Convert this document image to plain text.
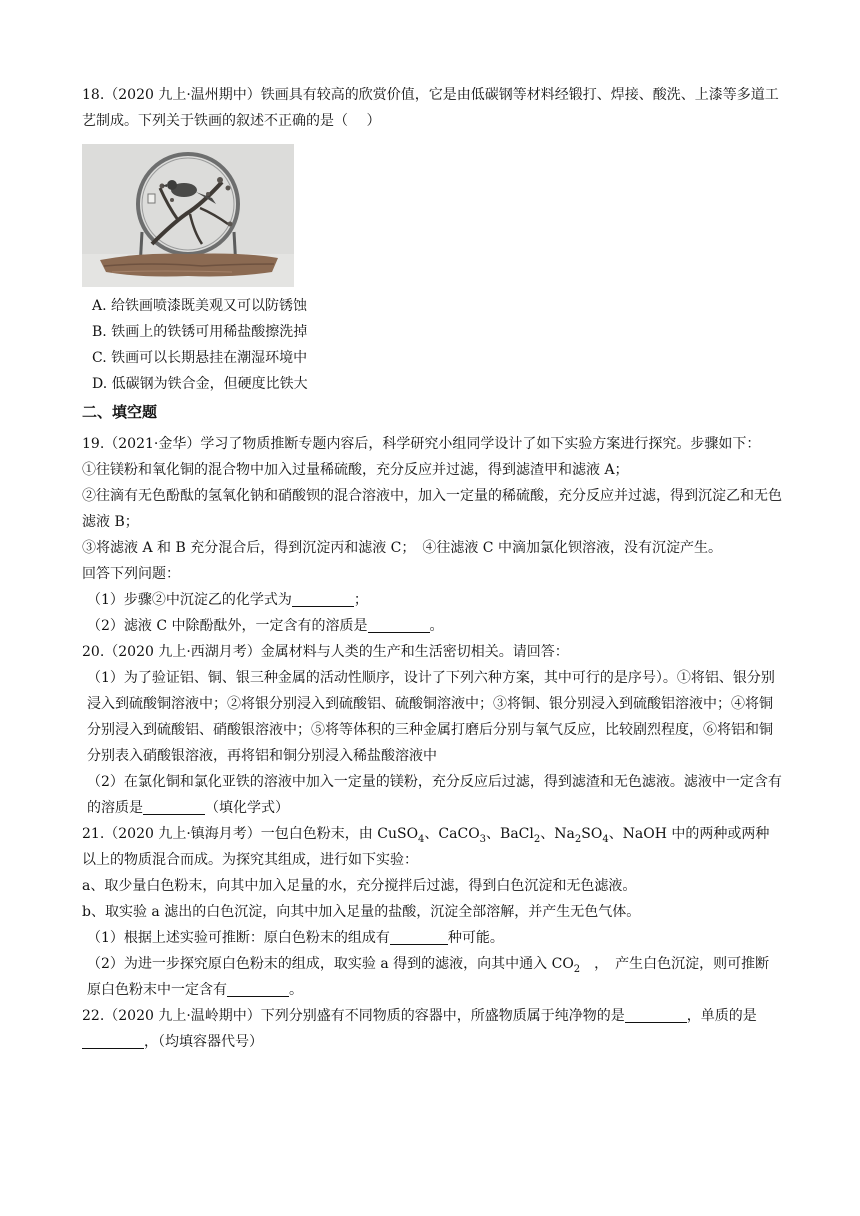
18.（2020 九上·温州期中）铁画具有较高的欣赏价值，它是由低碳钢等材料经锻打、焊接、酸洗、上漆等多道工艺制成。下列关于铁画的叙述不正确的是（　 ）

A. 给铁画喷漆既美观又可以防锈蚀

B. 铁画上的铁锈可用稀盐酸擦洗掉

C. 铁画可以长期悬挂在潮湿环境中

D. 低碳钢为铁合金，但硬度比铁大

二、填空题

19.（2021·金华）学习了物质推断专题内容后，科学研究小组同学设计了如下实验方案进行探究。步骤如下：

①往镁粉和氧化铜的混合物中加入过量稀硫酸，充分反应并过滤，得到滤渣甲和滤液 A；

②往滴有无色酚酞的氢氧化钠和硝酸钡的混合溶液中，加入一定量的稀硫酸，充分反应并过滤，得到沉淀乙和无色滤液 B；

③将滤液 A 和 B 充分混合后，得到沉淀丙和滤液 C；　④往滤液 C 中滴加氯化钡溶液，没有沉淀产生。

回答下列问题：

（1）步骤②中沉淀乙的化学式为	；

（2）滤液 C 中除酚酞外，一定含有的溶质是	。

20.（2020 九上·西湖月考）金属材料与人类的生产和生活密切相关。请回答：

（1）为了验证铝、铜、银三种金属的活动性顺序，设计了下列六种方案，其中可行的是序号）。①将铝、银分别浸入到硫酸铜溶液中；②将银分别浸入到硫酸铝、硫酸铜溶液中；③将铜、银分别浸入到硫酸铝溶液中；④将铜分别浸入到硫酸铝、硝酸银溶液中；⑤将等体积的三种金属打磨后分别与氧气反应，比较剧烈程度，⑥将铝和铜分别表入硝酸银溶液，再将铝和铜分别浸入稀盐酸溶液中

（2）在氯化铜和氯化亚铁的溶液中加入一定量的镁粉，充分反应后过滤，得到滤渣和无色滤液。滤液中一定含有的溶质是	（填化学式）

21.（2020 九上·镇海月考）一包白色粉末，由 CuSO$_4$、CaCO$_3$、BaCl$_2$、$Na_2SO_4$、NaOH 中的两种或两种以上的物质混合而成。为探究其组成，进行如下实验：

a、取少量白色粉末，向其中加入足量的水，充分搅拌后过滤，得到白色沉淀和无色滤液。

b、取实验 a 滤出的白色沉淀，向其中加入足量的盐酸，沉淀全部溶解，并产生无色气体。

（1）根据上述实验可推断：原白色粉末的组成有	种可能。

（2）为进一步探究原白色粉末的组成，取实验 a 得到的滤液，向其中通入 $CO_2$　，　产生白色沉淀，则可推断原白色粉末中一定含有	。

22.（2020 九上·温岭期中）下列分别盛有不同物质的容器中，所盛物质属于纯净物的是	，单质的是，（均填容器代号）
